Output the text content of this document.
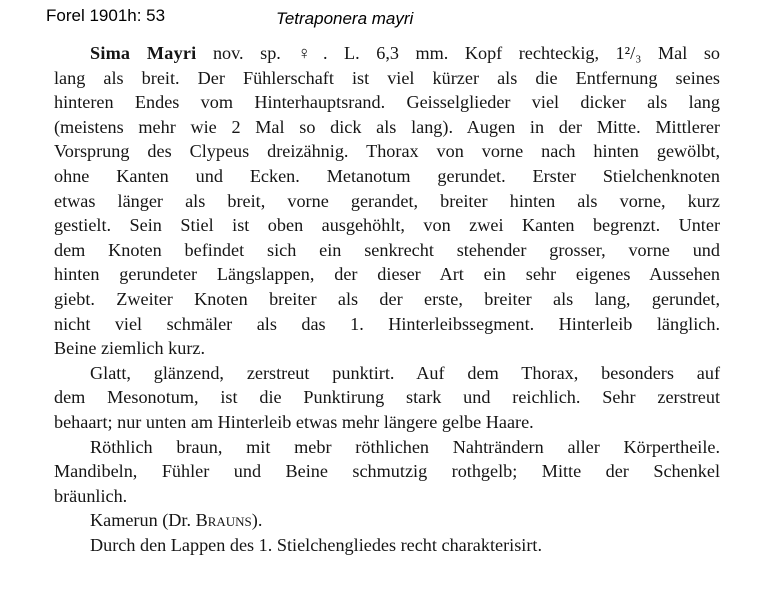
Forel 1901h: 53	Tetraponera mayri
Sima Mayri nov. sp. ♀. L. 6,3 mm. Kopf rechteckig, 1²/₃ Mal so
lang als breit. Der Fühlerschaft ist viel kürzer als die Entfernung seines
hinteren Endes vom Hinterhauptsrand. Geisselglieder viel dicker als lang
(meistens mehr wie 2 Mal so dick als lang). Augen in der Mitte. Mittlerer
Vorsprung des Clypeus dreizähnig. Thorax von vorne nach hinten gewölbt,
ohne Kanten und Ecken. Metanotum gerundet. Erster Stielchenknoten
etwas länger als breit, vorne gerandet, breiter hinten als vorne, kurz
gestielt. Sein Stiel ist oben ausgehöhlt, von zwei Kanten begrenzt. Unter
dem Knoten befindet sich ein senkrecht stehender grosser, vorne und
hinten gerundeter Längslappen, der dieser Art ein sehr eigenes Aussehen
giebt. Zweiter Knoten breiter als der erste, breiter als lang, gerundet,
nicht viel schmäler als das 1. Hinterleibssegment. Hinterleib länglich.
Beine ziemlich kurz.
Glatt, glänzend, zerstreut punktirt. Auf dem Thorax, besonders auf
dem Mesonotum, ist die Punktirung stark und reichlich. Sehr zerstreut
behaart; nur unten am Hinterleib etwas mehr längere gelbe Haare.
Röthlich braun, mit mebr röthlichen Nahträndern aller Körpertheile.
Mandibeln, Fühler und Beine schmutzig rothgelb; Mitte der Schenkel
bräunlich.
Kamerun (Dr. Brauns).
Durch den Lappen des 1. Stielchengliedes recht charakterisirt.
